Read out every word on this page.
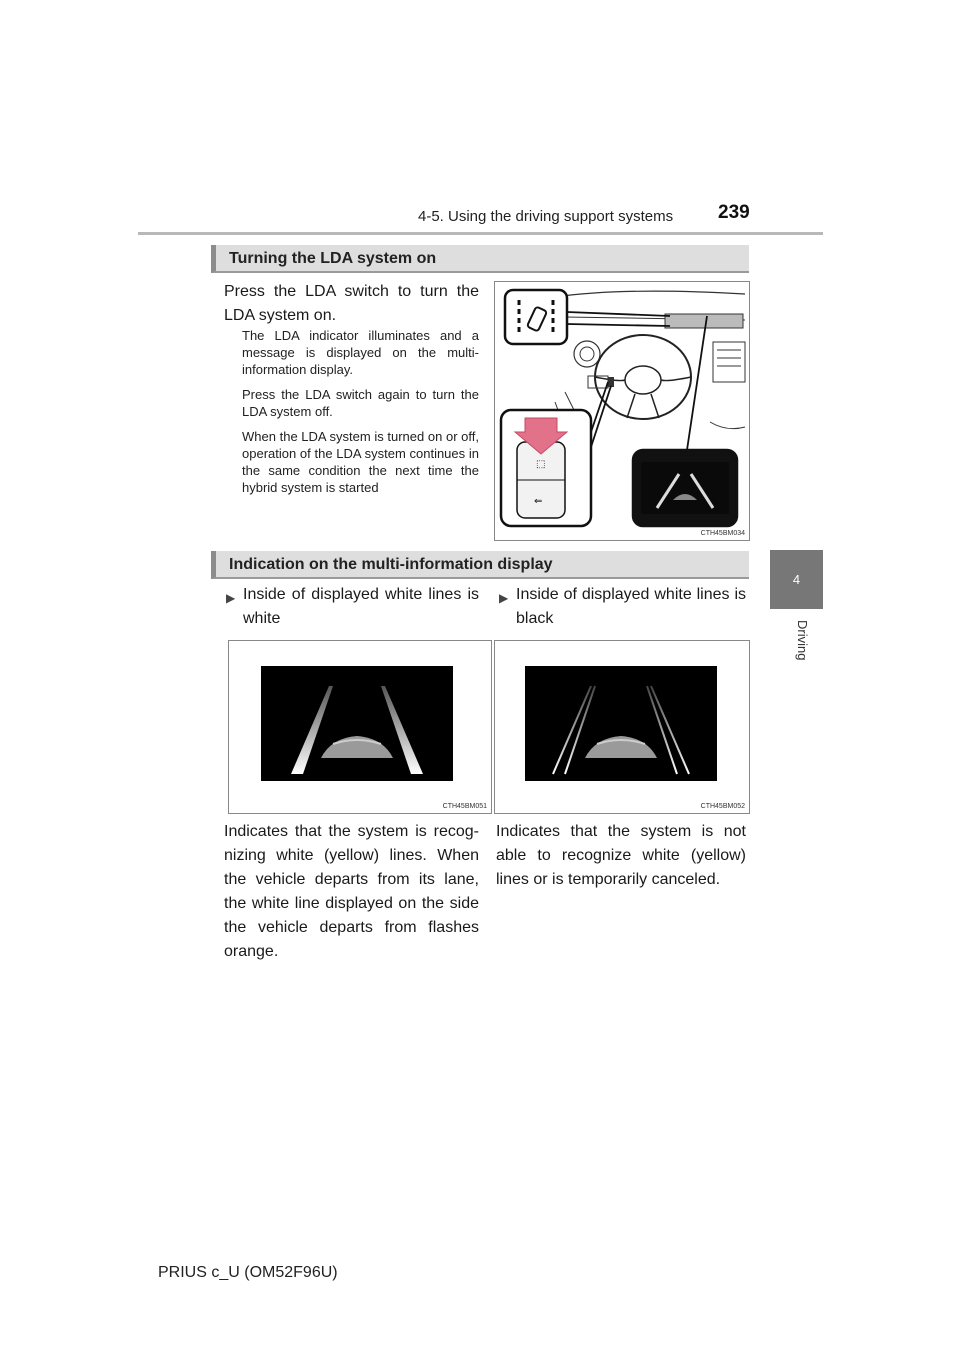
4-5. Using the driving support systems 239
4
Driving
Turning the LDA system on
Press the LDA switch to turn the LDA system on.
The LDA indicator illuminates and a message is displayed on the multi-information display.
Press the LDA switch again to turn the LDA system off.
When the LDA system is turned on or off, operation of the LDA system continues in the same condition the next time the hybrid system is started
⬚
⇐
CTH45BM034
Indication on the multi-information display
▶ Inside of displayed white lines is white
▶ Inside of displayed white lines is black
CTH45BM051	CTH45BM052
Indicates that the system is recog-nizing white (yellow) lines. When the vehicle departs from its lane, the white line displayed on the side the vehicle departs from flashes orange.
Indicates that the system is not able to recognize white (yellow) lines or is temporarily canceled.
PRIUS c_U (OM52F96U)
